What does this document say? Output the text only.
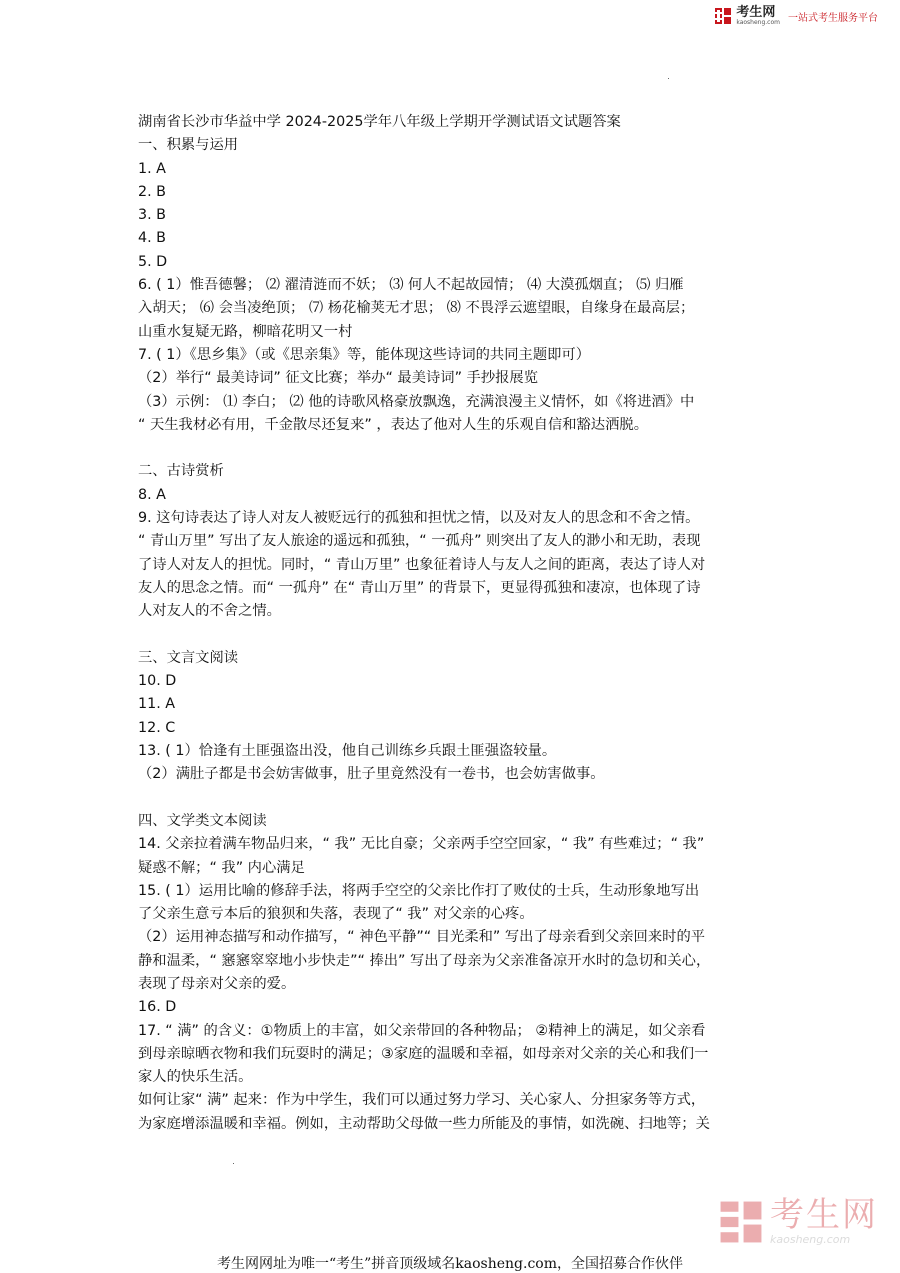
考生网
kaosheng.com 一站式考生服务平台

湖南省长沙市华益中学 2024-2025学年八年级上学期开学测试语文试题答案

一、积累与运用

1. A

2. B

3. B

4. B

5. D

6. ( 1）惟吾德馨； ⑵ 濯清涟而不妖； ⑶ 何人不起故园情； ⑷ 大漠孤烟直； ⑸ 归雁

入胡天； ⑹ 会当凌绝顶； ⑺ 杨花榆荚无才思； ⑻ 不畏浮云遮望眼，自缘身在最高层；

山重水复疑无路，柳暗花明又一村

7. ( 1）《思乡集》（或《思亲集》等，能体现这些诗词的共同主题即可）

（2）举行“ 最美诗词” 征文比赛；举办“ 最美诗词” 手抄报展览

（3）示例： ⑴ 李白； ⑵ 他的诗歌风格豪放飘逸，充满浪漫主义情怀，如《将进酒》中

“ 天生我材必有用，千金散尽还复来” ，表达了他对人生的乐观自信和豁达洒脱。

二、古诗赏析

8. A

9. 这句诗表达了诗人对友人被贬远行的孤独和担忧之情，以及对友人的思念和不舍之情。

“ 青山万里” 写出了友人旅途的遥远和孤独，“ 一孤舟” 则突出了友人的渺小和无助，表现

了诗人对友人的担忧。同时，“ 青山万里” 也象征着诗人与友人之间的距离，表达了诗人对

友人的思念之情。而“ 一孤舟” 在“ 青山万里” 的背景下，更显得孤独和凄凉，也体现了诗

人对友人的不舍之情。

三、文言文阅读

10. D

11. A

12. C

13. ( 1）恰逢有土匪强盗出没，他自己训练乡兵跟土匪强盗较量。

（2）满肚子都是书会妨害做事，肚子里竟然没有一卷书，也会妨害做事。

四、文学类文本阅读

14. 父亲拉着满车物品归来，“ 我” 无比自豪；父亲两手空空回家，“ 我” 有些难过；“ 我”

疑惑不解；“ 我” 内心满足

15. ( 1）运用比喻的修辞手法，将两手空空的父亲比作打了败仗的士兵，生动形象地写出

了父亲生意亏本后的狼狈和失落，表现了“ 我” 对父亲的心疼。

（2）运用神态描写和动作描写，“ 神色平静”“ 目光柔和” 写出了母亲看到父亲回来时的平

静和温柔，“ 窸窸窣窣地小步快走”“ 捧出” 写出了母亲为父亲准备凉开水时的急切和关心，

表现了母亲对父亲的爱。

16. D

17. “ 满” 的含义：①物质上的丰富，如父亲带回的各种物品； ②精神上的满足，如父亲看

到母亲晾晒衣物和我们玩耍时的满足；③家庭的温暖和幸福，如母亲对父亲的关心和我们一

家人的快乐生活。

如何让家“ 满” 起来：作为中学生，我们可以通过努力学习、关心家人、分担家务等方式，

为家庭增添温暖和幸福。例如，主动帮助父母做一些力所能及的事情，如洗碗、扫地等；关

考生网
kaosheng.com
考生网网址为唯一“考生”拼音顶级域名kaosheng.com，全国招募合作伙伴
